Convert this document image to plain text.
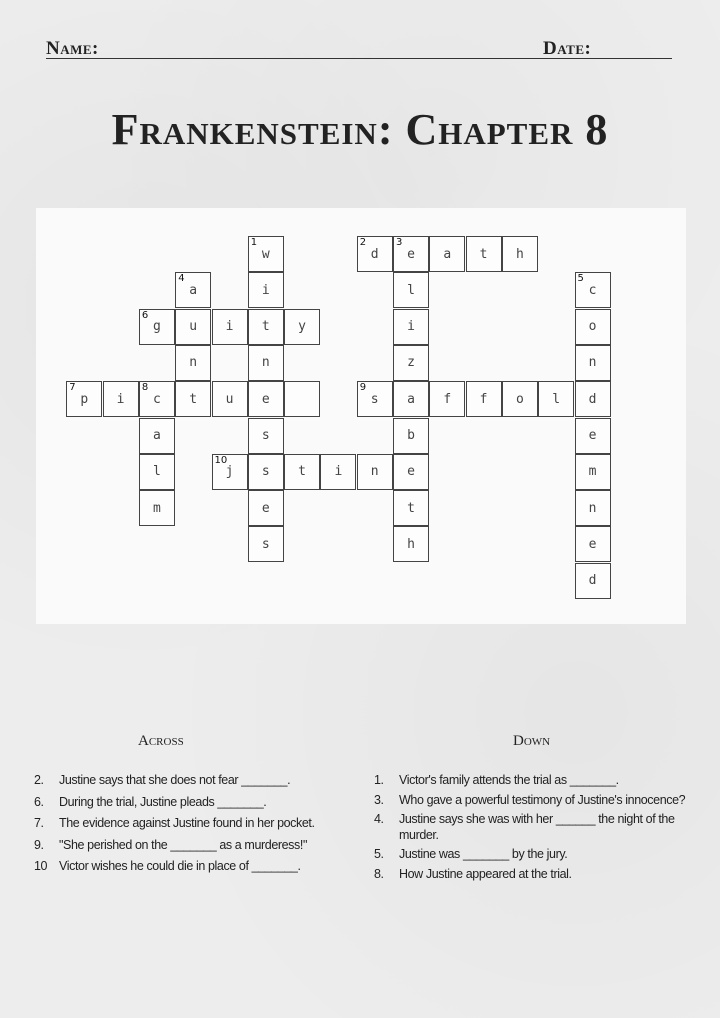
Name:	Date:
Frankenstein: Chapter 8
1
w
i
t
n
e
s
s
e
s
2
d
3
e	a	t	h
l
i
z
a
b
e
t
h
4
a
u
n
t
5
c
o
n
d
e
m
n
e
d
6
g	i	y
7
p	i
8
c	u
a
l
m
9
s	f	f	o	l
10
j	t	i	n
Across	Down
2. Justine says that she does not fear _______.
6. During the trial, Justine pleads _______.
7. The evidence against Justine found in her pocket.
9. "She perished on the _______ as a murderess!"
10 Victor wishes he could die in place of _______.
1. Victor's family attends the trial as _______.
3. Who gave a powerful testimony of Justine's innocence?
4. Justine says she was with her ______ the night of the murder.
5. Justine was _______ by the jury.
8. How Justine appeared at the trial.
